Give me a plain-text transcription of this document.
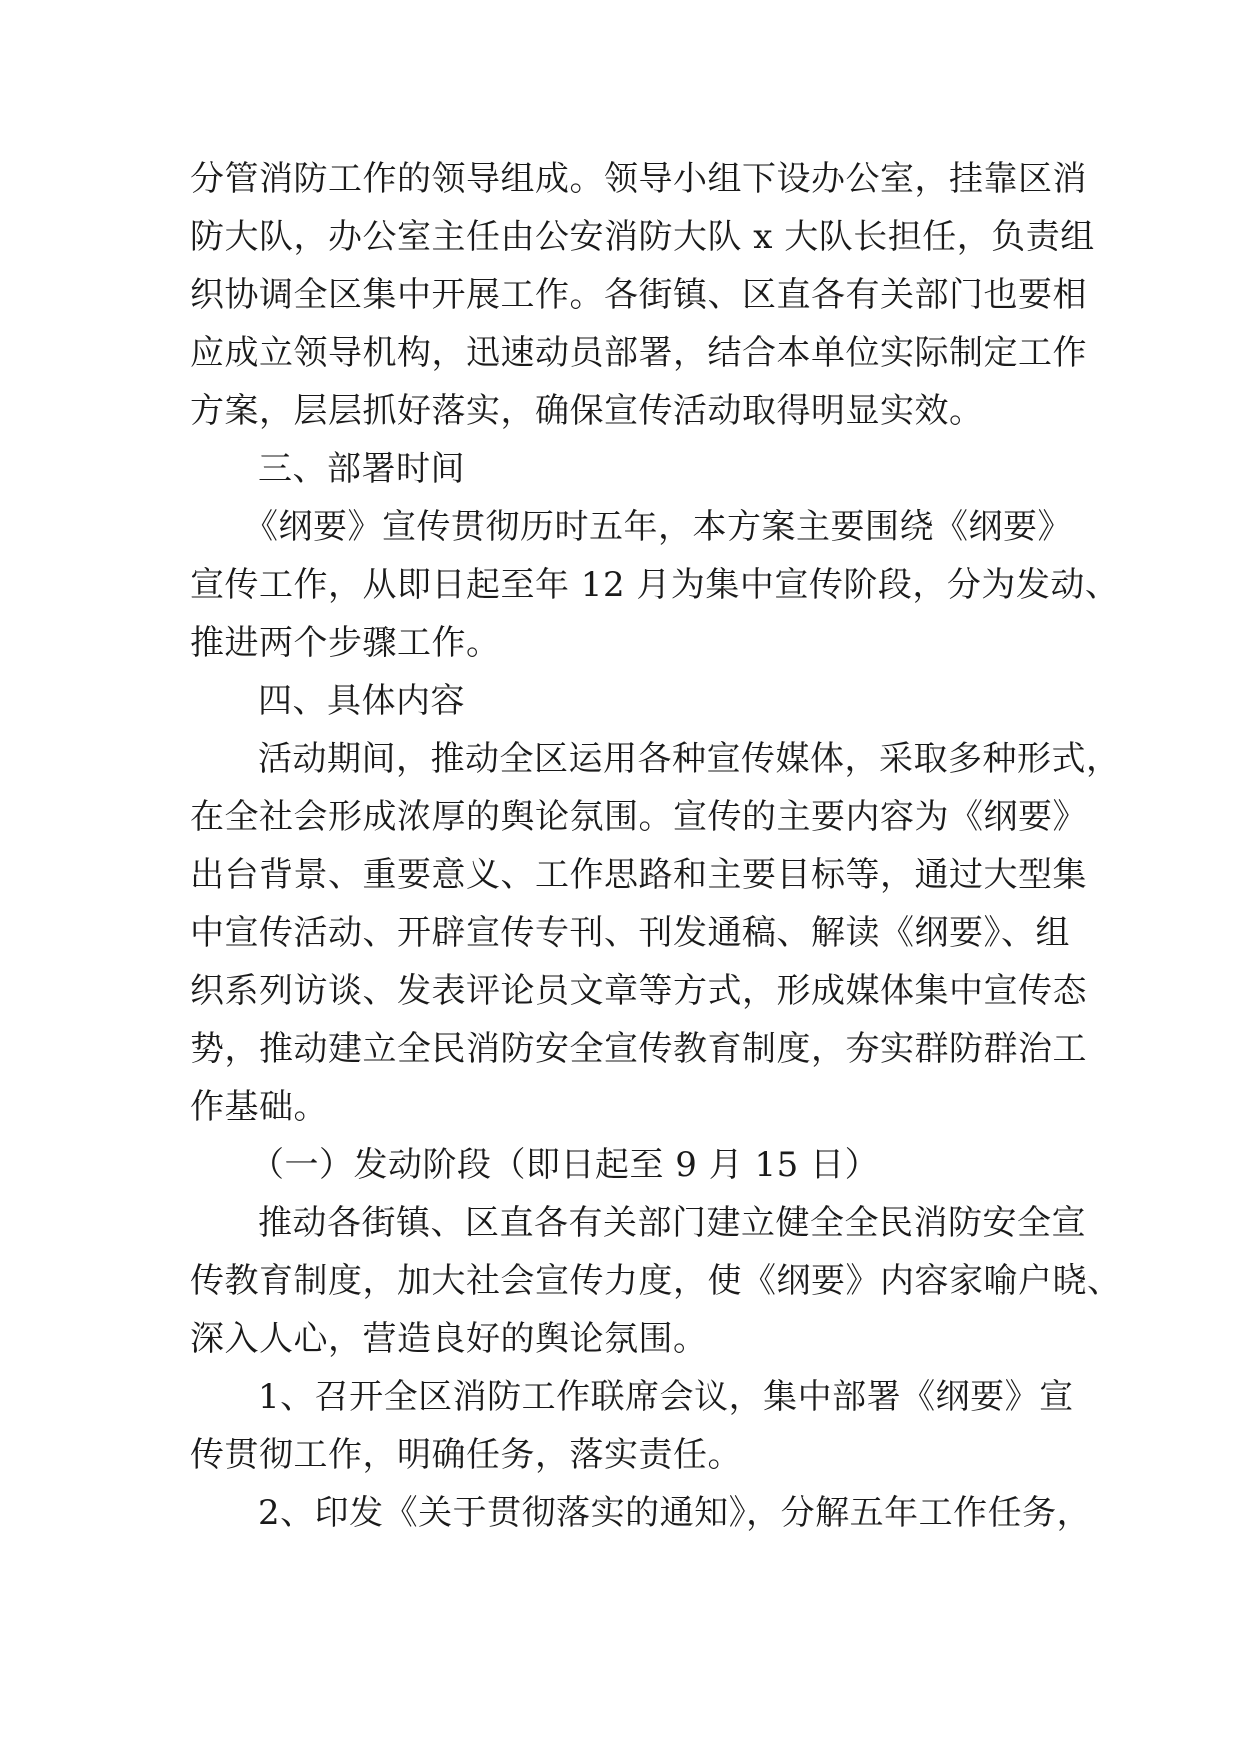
分管消防工作的领导组成。领导小组下设办公室，挂靠区消
防大队，办公室主任由公安消防大队 x 大队长担任，负责组
织协调全区集中开展工作。各街镇、区直各有关部门也要相
应成立领导机构，迅速动员部署，结合本单位实际制定工作
方案，层层抓好落实，确保宣传活动取得明显实效。
三、部署时间
《纲要》宣传贯彻历时五年，本方案主要围绕《纲要》
宣传工作，从即日起至年 12 月为集中宣传阶段，分为发动、
推进两个步骤工作。
四、具体内容
活动期间，推动全区运用各种宣传媒体，采取多种形式，
在全社会形成浓厚的舆论氛围。宣传的主要内容为《纲要》
出台背景、重要意义、工作思路和主要目标等，通过大型集
中宣传活动、开辟宣传专刊、刊发通稿、解读《纲要》、组
织系列访谈、发表评论员文章等方式，形成媒体集中宣传态
势，推动建立全民消防安全宣传教育制度，夯实群防群治工
作基础。
（一）发动阶段（即日起至 9 月 15 日）
推动各街镇、区直各有关部门建立健全全民消防安全宣
传教育制度，加大社会宣传力度，使《纲要》内容家喻户晓、
深入人心，营造良好的舆论氛围。
1、召开全区消防工作联席会议，集中部署《纲要》宣
传贯彻工作，明确任务，落实责任。
2、印发《关于贯彻落实的通知》，分解五年工作任务，
